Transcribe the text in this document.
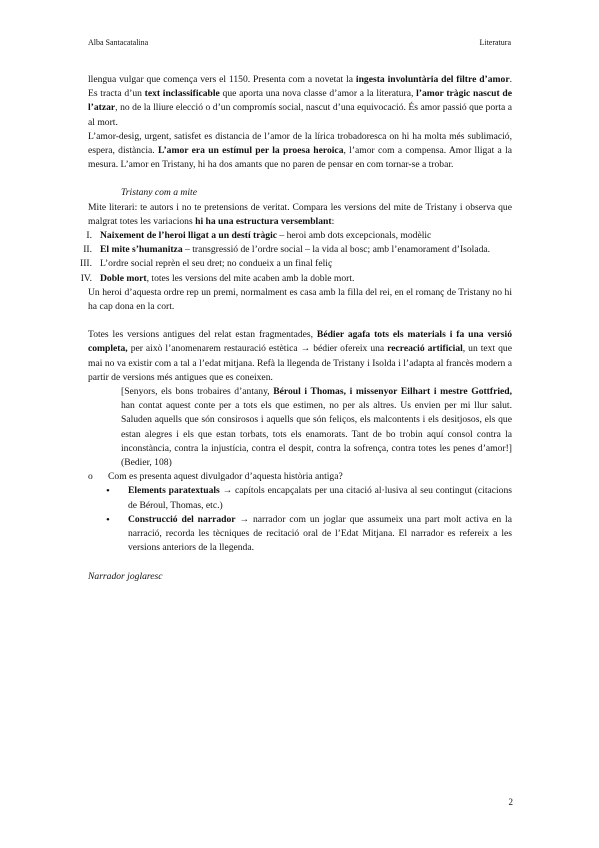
Alba Santacatalina	Literatura

llengua vulgar que comença vers el 1150. Presenta com a novetat la ingesta involuntària del filtre d’amor. Es tracta d’un text inclassificable que aporta una nova classe d’amor a la literatura, l’amor tràgic nascut de l’atzar, no de la lliure elecció o d’un compromís social, nascut d’una equivocació. És amor passió que porta a al mort.

L’amor-desig, urgent, satisfet es distancia de l’amor de la lírica trobadoresca on hi ha molta més sublimació, espera, distància. L’amor era un estímul per la proesa heroica, l’amor com a compensa. Amor lligat a la mesura. L’amor en Tristany, hi ha dos amants que no paren de pensar en com tornar-se a trobar.

Tristany com a mite

Mite literari: te autors i no te pretensions de veritat. Compara les versions del mite de Tristany i observa que malgrat totes les variacions hi ha una estructura versemblant:

I. Naixement de l’heroi lligat a un destí tràgic – heroi amb dots excepcionals, modèlic
II. El mite s’humanitza – transgressió de l’ordre social – la vida al bosc; amb l’enamorament d’Isolada.
III. L’ordre social reprèn el seu dret; no condueix a un final feliç
IV. Doble mort, totes les versions del mite acaben amb la doble mort.

Un heroi d’aquesta ordre rep un premi, normalment es casa amb la filla del rei, en el romanç de Tristany no hi ha cap dona en la cort.

Totes les versions antigues del relat estan fragmentades, Bédier agafa tots els materials i fa una versió completa, per això l’anomenarem restauració estètica → bédier ofereix una recreació artificial, un text que mai no va existir com a tal a l’edat mitjana. Refà la llegenda de Tristany i Isolda i l’adapta al francès modern a partir de versions més antigues que es coneixen.

[Senyors, els bons trobaires d’antany, Béroul i Thomas, i missenyor Eilhart i mestre Gottfried, han contat aquest conte per a tots els que estimen, no per als altres. Us envien per mi llur salut. Saluden aquells que són consirosos i aquells que són feliços, els malcontents i els desitjosos, els que estan alegres i els que estan torbats, tots els enamorats. Tant de bo trobin aquí consol contra la inconstància, contra la injustícia, contra el despit, contra la sofrença, contra totes les penes d’amor!] (Bedier, 108)

o	Com es presenta aquest divulgador d’aquesta història antiga?
•	Elements paratextuals → capítols encapçalats per una citació al·lusiva al seu contingut (citacions de Béroul, Thomas, etc.)
•	Construcció del narrador → narrador com un joglar que assumeix una part molt activa en la narració, recorda les tècniques de recitació oral de l’Edat Mitjana. El narrador es refereix a les versions anteriors de la llegenda.

Narrador joglaresc

2
